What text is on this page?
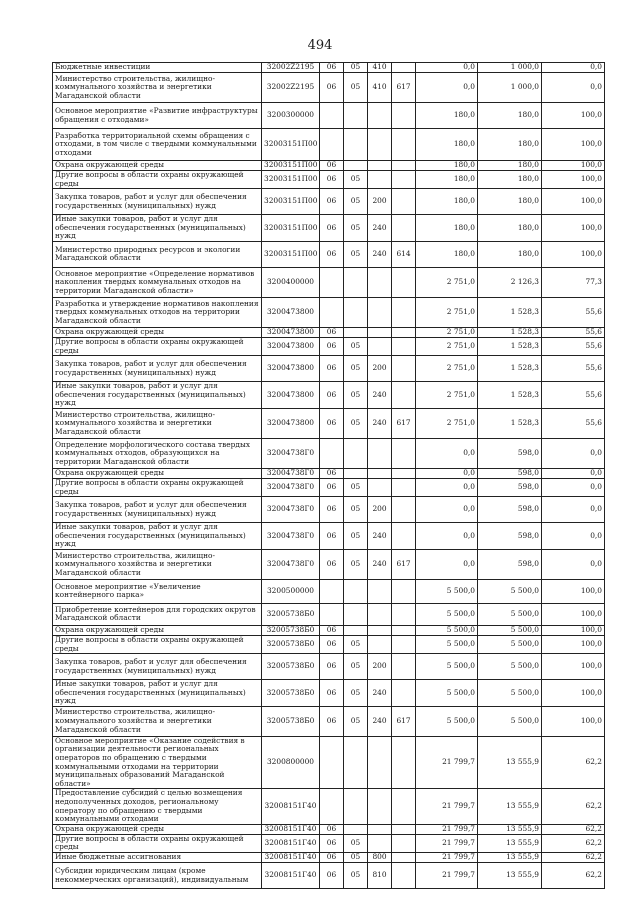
494
Бюджетные инвестиции	32002Z2195	06	05	410		0,0	1 000,0	0,0
Министерство строительства, жилищно-коммунального хозяйства и энергетики Магаданской области	32002Z2195	06	05	410	617	0,0	1 000,0	0,0
Основное мероприятие «Развитие инфраструктуры обращения с отходами»	3200300000					180,0	180,0	100,0
Разработка территориальной схемы обращения с отходами, в том числе с твердыми коммунальными отходами	32003151П00					180,0	180,0	100,0
Охрана окружающей среды	32003151П00	06				180,0	180,0	100,0
Другие вопросы в области охраны окружающей среды	32003151П00	06	05			180,0	180,0	100,0
Закупка товаров, работ и услуг для обеспечения государственных (муниципальных) нужд	32003151П00	06	05	200		180,0	180,0	100,0
Иные закупки товаров, работ и услуг для обеспечения государственных (муниципальных) нужд	32003151П00	06	05	240		180,0	180,0	100,0
Министерство природных ресурсов и экологии Магаданской области	32003151П00	06	05	240	614	180,0	180,0	100,0
Основное мероприятие «Определение нормативов накопления твердых коммунальных отходов на территории Магаданской области»	3200400000					2 751,0	2 126,3	77,3
Разработка и утверждение нормативов накопления твердых коммунальных отходов на территории Магаданской области	3200473800					2 751,0	1 528,3	55,6
Охрана окружающей среды	3200473800	06				2 751,0	1 528,3	55,6
Другие вопросы в области охраны окружающей среды	3200473800	06	05			2 751,0	1 528,3	55,6
Закупка товаров, работ и услуг для обеспечения государственных (муниципальных) нужд	3200473800	06	05	200		2 751,0	1 528,3	55,6
Иные закупки товаров, работ и услуг для обеспечения государственных (муниципальных) нужд	3200473800	06	05	240		2 751,0	1 528,3	55,6
Министерство строительства, жилищно-коммунального хозяйства и энергетики Магаданской области	3200473800	06	05	240	617	2 751,0	1 528,3	55,6
Определение морфологического состава твердых коммунальных отходов, образующихся на территории Магаданской области	32004738Г0					0,0	598,0	0,0
Охрана окружающей среды	32004738Г0	06				0,0	598,0	0,0
Другие вопросы в области охраны окружающей среды	32004738Г0	06	05			0,0	598,0	0,0
Закупка товаров, работ и услуг для обеспечения государственных (муниципальных) нужд	32004738Г0	06	05	200		0,0	598,0	0,0
Иные закупки товаров, работ и услуг для обеспечения государственных (муниципальных) нужд	32004738Г0	06	05	240		0,0	598,0	0,0
Министерство строительства, жилищно-коммунального хозяйства и энергетики Магаданской области	32004738Г0	06	05	240	617	0,0	598,0	0,0
Основное мероприятие «Увеличение контейнерного парка»	3200500000					5 500,0	5 500,0	100,0
Приобретение контейнеров для городских округов Магаданской области	32005738Б0					5 500,0	5 500,0	100,0
Охрана окружающей среды	32005738Б0	06				5 500,0	5 500,0	100,0
Другие вопросы в области охраны окружающей среды	32005738Б0	06	05			5 500,0	5 500,0	100,0
Закупка товаров, работ и услуг для обеспечения государственных (муниципальных) нужд	32005738Б0	06	05	200		5 500,0	5 500,0	100,0
Иные закупки товаров, работ и услуг для обеспечения государственных (муниципальных) нужд	32005738Б0	06	05	240		5 500,0	5 500,0	100,0
Министерство строительства, жилищно-коммунального хозяйства и энергетики Магаданской области	32005738Б0	06	05	240	617	5 500,0	5 500,0	100,0
Основное мероприятие «Оказание содействия в организации деятельности региональных операторов по обращению с твердыми коммунальными отходами на территории муниципальных образований Магаданской области»	3200800000					21 799,7	13 555,9	62,2
Предоставление субсидий с целью возмещения недополученных доходов, региональному оператору по обращению с твердыми коммунальными отходами	32008151Г40					21 799,7	13 555,9	62,2
Охрана окружающей среды	32008151Г40	06				21 799,7	13 555,9	62,2
Другие вопросы в области охраны окружающей среды	32008151Г40	06	05			21 799,7	13 555,9	62,2
Иные бюджетные ассигнования	32008151Г40	06	05	800		21 799,7	13 555,9	62,2
Субсидии юридическим лицам (кроме некоммерческих организаций), индивидуальным	32008151Г40	06	05	810		21 799,7	13 555,9	62,2
